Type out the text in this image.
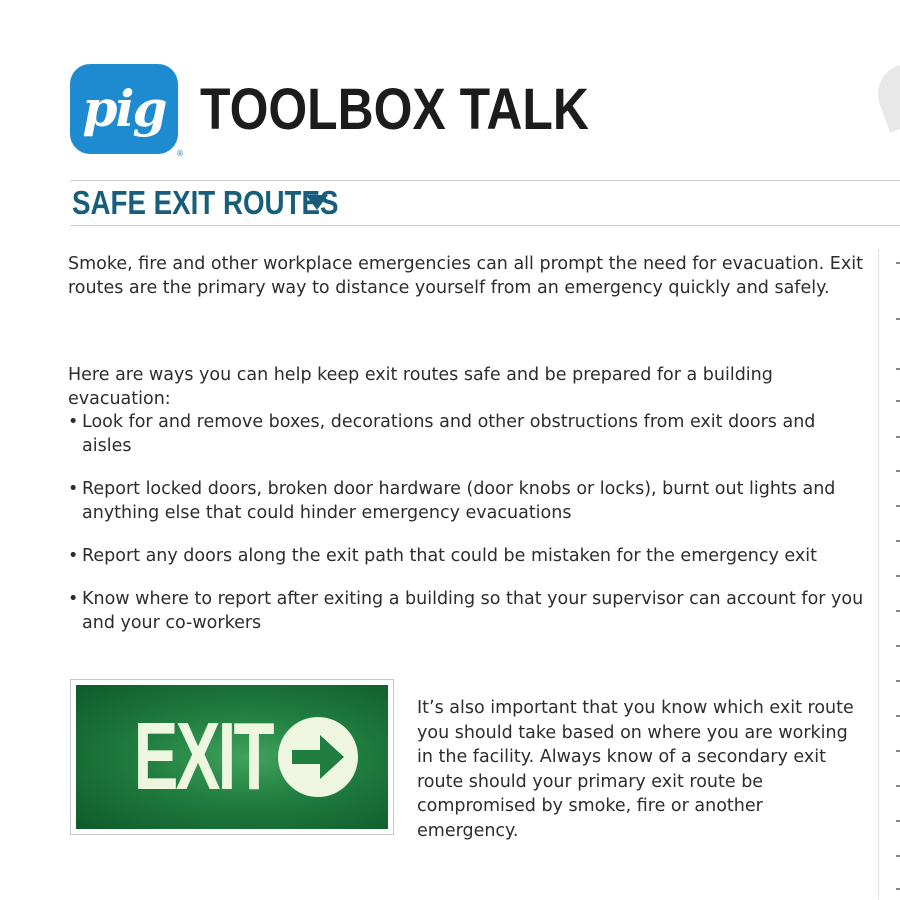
pig
®
TOOLBOX TALK
SAFE EXIT ROUTES
Smoke, fire and other workplace emergencies can all prompt the need for evacuation. Exit routes are the primary way to distance yourself from an emergency quickly and safely.
Here are ways you can help keep exit routes safe and be prepared for a building evacuation:
• Look for and remove boxes, decorations and other obstructions from exit doors and aisles
• Report locked doors, broken door hardware (door knobs or locks), burnt out lights and anything else that could hinder emergency evacuations
• Report any doors along the exit path that could be mistaken for the emergency exit
• Know where to report after exiting a building so that your supervisor can account for you and your co-workers
EXIT	It’s also important that you know which exit route you should take based on where you are working in the facility. Always know of a secondary exit route should your primary exit route be compromised by smoke, fire or another emergency.
